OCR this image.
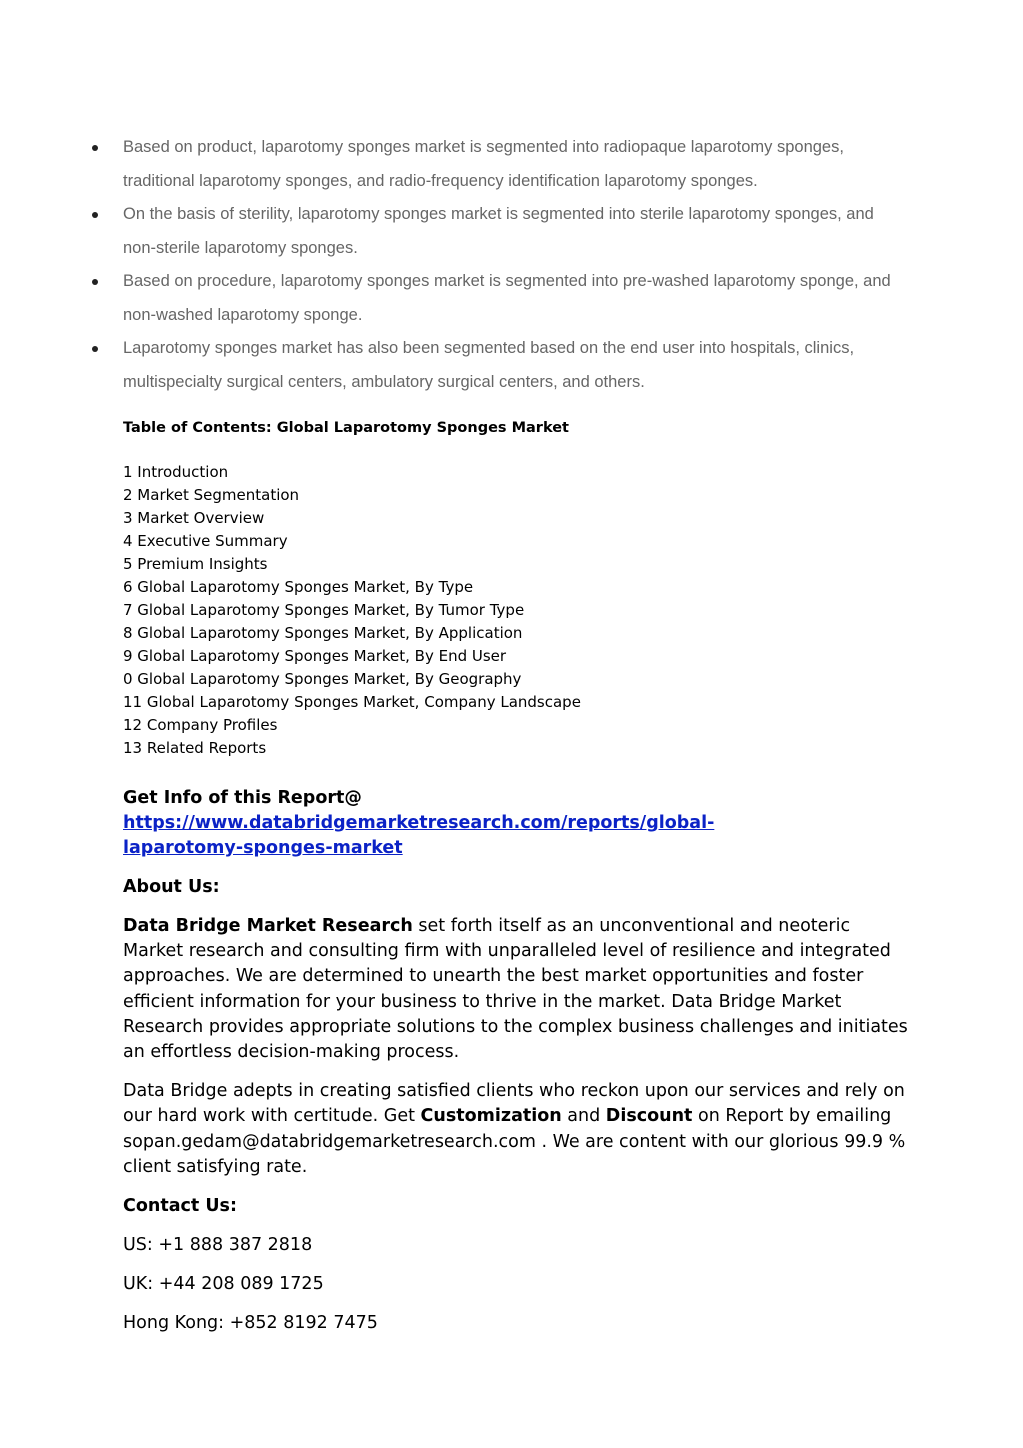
Based on product, laparotomy sponges market is segmented into radiopaque laparotomy sponges, traditional laparotomy sponges, and radio-frequency identification laparotomy sponges.
On the basis of sterility, laparotomy sponges market is segmented into sterile laparotomy sponges, and non-sterile laparotomy sponges.
Based on procedure, laparotomy sponges market is segmented into pre-washed laparotomy sponge, and non-washed laparotomy sponge.
Laparotomy sponges market has also been segmented based on the end user into hospitals, clinics, multispecialty surgical centers, ambulatory surgical centers, and others.
Table of Contents: Global Laparotomy Sponges Market
1 Introduction
2 Market Segmentation
3 Market Overview
4 Executive Summary
5 Premium Insights
6 Global Laparotomy Sponges Market, By Type
7 Global Laparotomy Sponges Market, By Tumor Type
8 Global Laparotomy Sponges Market, By Application
9 Global Laparotomy Sponges Market, By End User
0 Global Laparotomy Sponges Market, By Geography
11 Global Laparotomy Sponges Market, Company Landscape
12 Company Profiles
13 Related Reports
Get Info of this Report@ https://www.databridgemarketresearch.com/reports/global-
laparotomy-sponges-market
About Us:
Data Bridge Market Research set forth itself as an unconventional and neoteric Market research and consulting firm with unparalleled level of resilience and integrated approaches. We are determined to unearth the best market opportunities and foster efficient information for your business to thrive in the market. Data Bridge Market Research provides appropriate solutions to the complex business challenges and initiates an effortless decision-making process.
Data Bridge adepts in creating satisfied clients who reckon upon our services and rely on our hard work with certitude. Get Customization and Discount on Report by emailing sopan.gedam@databridgemarketresearch.com . We are content with our glorious 99.9 % client satisfying rate.
Contact Us:
US: +1 888 387 2818
UK: +44 208 089 1725
Hong Kong: +852 8192 7475
